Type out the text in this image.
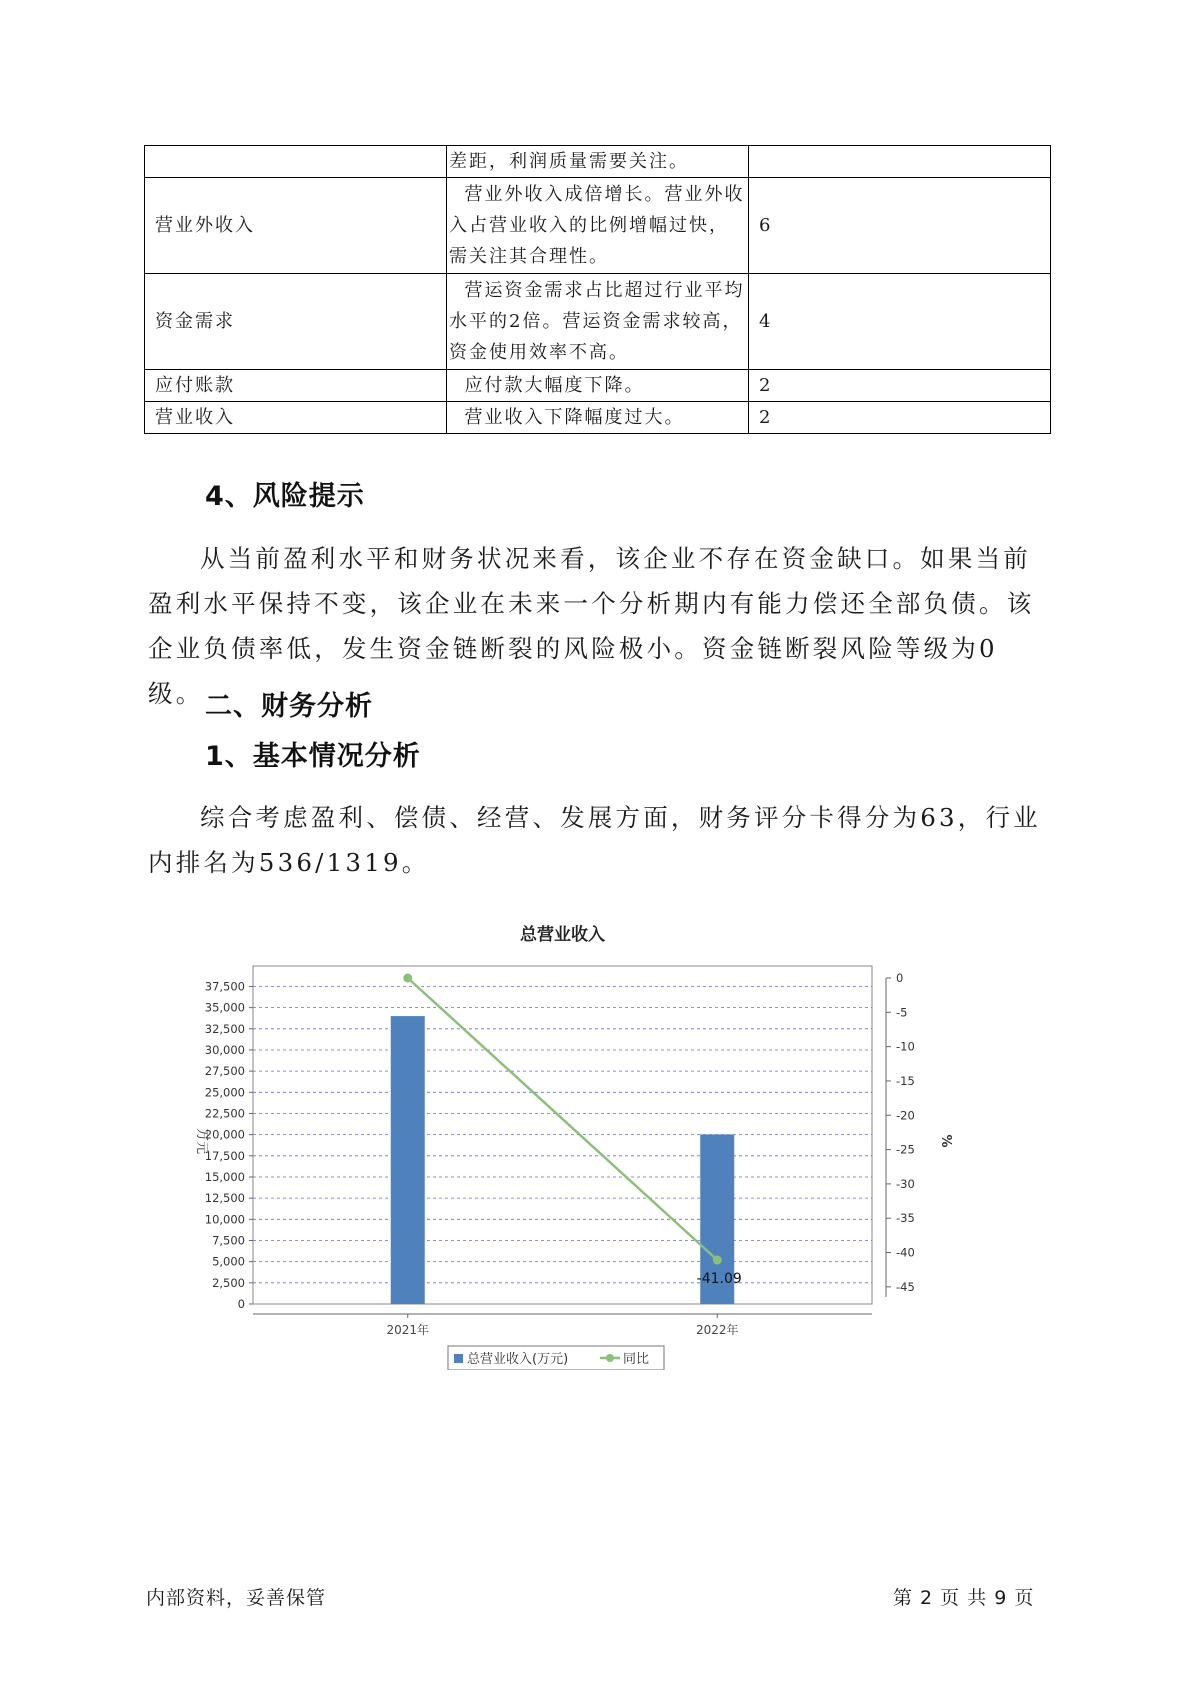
	差距，利润质量需要关注。	
营业外收入	营业外收入成倍增长。营业外收入占营业收入的比例增幅过快，需关注其合理性。	6
资金需求	营运资金需求占比超过行业平均水平的2倍。营运资金需求较高，资金使用效率不高。	4
应付账款	应付款大幅度下降。	2
营业收入	营业收入下降幅度过大。	2
4、风险提示
从当前盈利水平和财务状况来看，该企业不存在资金缺口。如果当前盈利水平保持不变，该企业在未来一个分析期内有能力偿还全部负债。该企业负债率低，发生资金链断裂的风险极小。资金链断裂风险等级为0级。 二、财务分析
1、基本情况分析
综合考虑盈利、偿债、经营、发展方面，财务评分卡得分为63，行业内排名为536/1319。
总营业收入
0
2,500
5,000
7,500
10,000
12,500
15,000
17,500
20,000
22,500
25,000
27,500
30,000
32,500
35,000
37,500
0
-5
-10
-15
-20
-25
-30
-35
-40
-45
万元	%
2021年	2022年
-41.09
总营业收入(万元)	同比
内部资料，妥善保管	第 2 页 共 9 页
